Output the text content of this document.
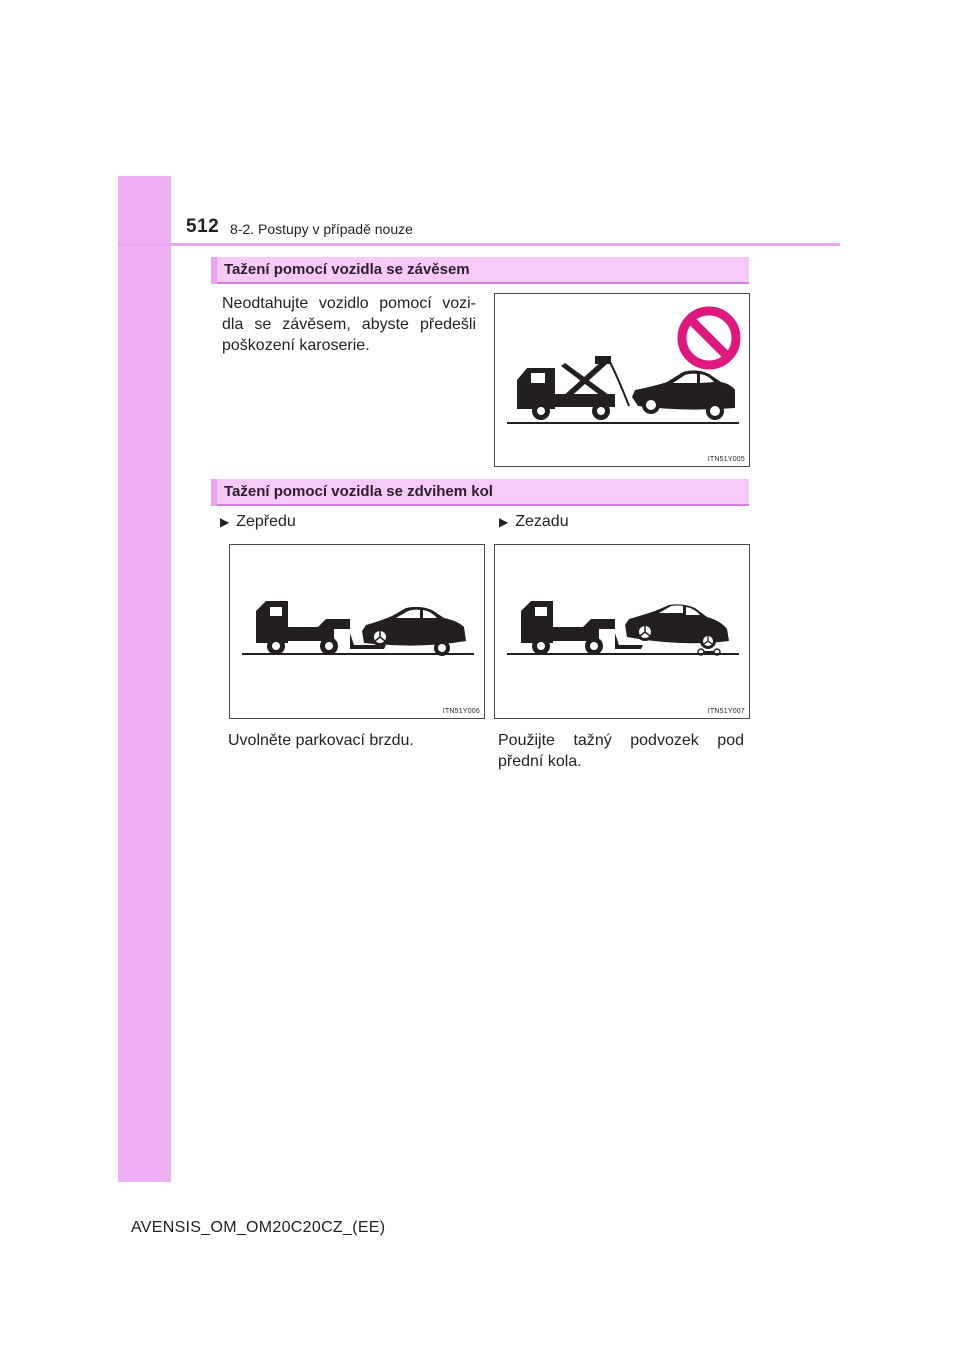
512 8-2. Postupy v případě nouze
Tažení pomocí vozidla se závěsem
Neodtahujte vozidlo pomocí vozi-dla se závěsem, abyste předešli poškození karoserie.
ITN51Y005
Tažení pomocí vozidla se zdvihem kol
▶ Zepředu	▶ Zezadu
ITN51Y006	ITN51Y007
Uvolněte parkovací brzdu.	Použijte tažný podvozek pod přední kola.
AVENSIS_OM_OM20C20CZ_(EE)
